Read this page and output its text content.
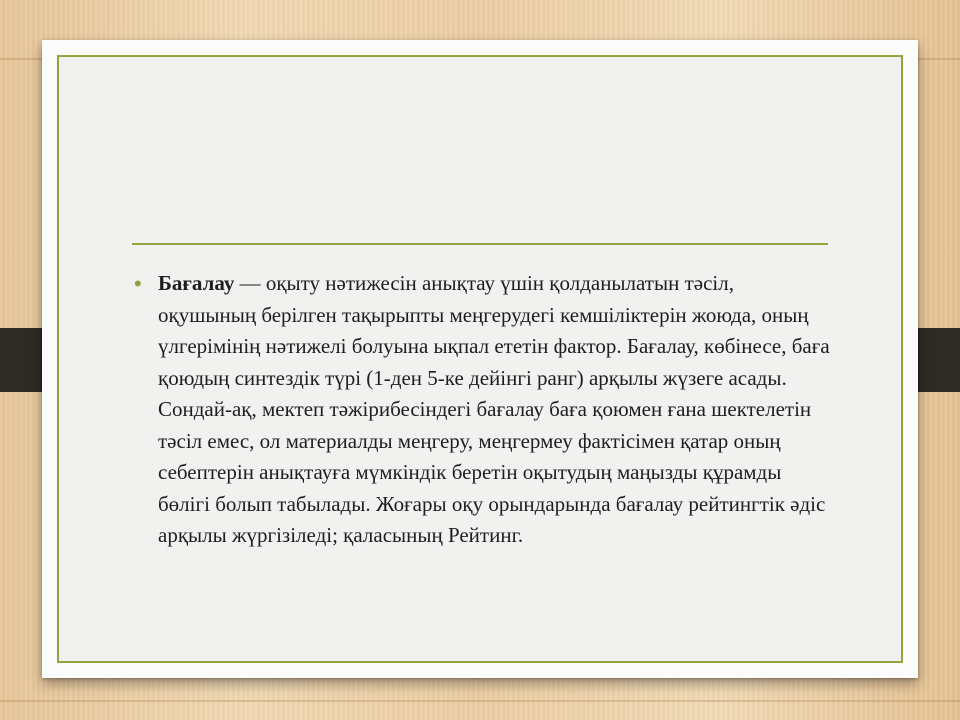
• Бағалау — оқыту нәтижесін анықтау үшін қолданылатын тәсіл, оқушының берілген тақырыпты меңгерудегі кемшіліктерін жоюда, оның үлгерімінің нәтижелі болуына ықпал ететін фактор. Бағалау, көбінесе, баға қоюдың синтездік түрі (1-ден 5-ке дейінгі ранг) арқылы жүзеге асады. Сондай-ақ, мектеп тәжірибесіндегі бағалау баға қоюмен ғана шектелетін тәсіл емес, ол материалды меңгеру, меңгермеу фактісімен қатар оның себептерін анықтауға мүмкіндік беретін оқытудың маңызды құрамды бөлігі болып табылады. Жоғары оқу орындарында бағалау рейтингтік әдіс арқылы жүргізіледі; қаласының Рейтинг.
